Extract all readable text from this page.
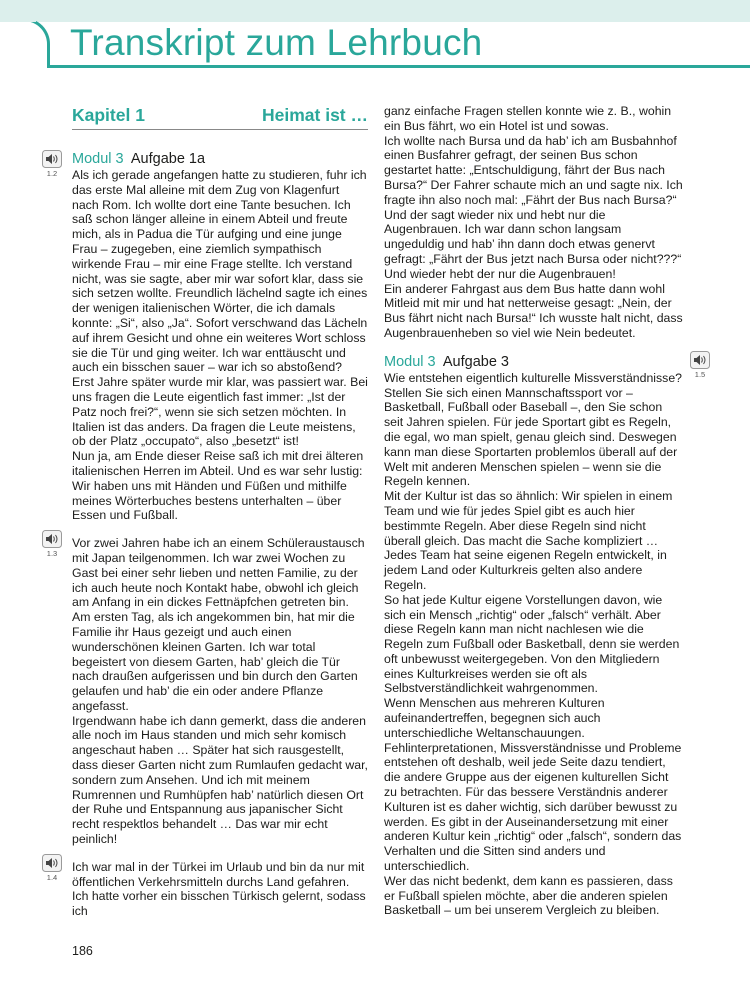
Transkript zum Lehrbuch
Kapitel 1	Heimat ist …
1.2

Modul 3 Aufgabe 1a

Als ich gerade angefangen hatte zu studieren, fuhr ich das erste Mal alleine mit dem Zug von Klagenfurt nach Rom. Ich wollte dort eine Tante besuchen. Ich saß schon länger alleine in einem Abteil und freute mich, als in Padua die Tür aufging und eine junge Frau – zugegeben, eine ziemlich sympathisch wirkende Frau – mir eine Frage stellte. Ich verstand nicht, was sie sagte, aber mir war sofort klar, dass sie sich setzen wollte. Freundlich lächelnd sagte ich eines der wenigen italienischen Wörter, die ich damals konnte: „Si“, also „Ja“. Sofort verschwand das Lächeln auf ihrem Gesicht und ohne ein weiteres Wort schloss sie die Tür und ging weiter. Ich war enttäuscht und auch ein bisschen sauer – war ich so abstoßend?

Erst Jahre später wurde mir klar, was passiert war. Bei uns fragen die Leute eigentlich fast immer: „Ist der Patz noch frei?“, wenn sie sich setzen möchten. In Italien ist das anders. Da fragen die Leute meistens, ob der Platz „occupato“, also „besetzt“ ist!

Nun ja, am Ende dieser Reise saß ich mit drei älteren italienischen Herren im Abteil. Und es war sehr lustig: Wir haben uns mit Händen und Füßen und mithilfe meines Wörterbuches bestens unterhalten – über Essen und Fußball.

1.3

Vor zwei Jahren habe ich an einem Schüleraustausch mit Japan teilgenommen. Ich war zwei Wochen zu Gast bei einer sehr lieben und netten Familie, zu der ich auch heute noch Kontakt habe, obwohl ich gleich am Anfang in ein dickes Fettnäpfchen getreten bin.

Am ersten Tag, als ich angekommen bin, hat mir die Familie ihr Haus gezeigt und auch einen wunderschönen kleinen Garten. Ich war total begeistert von diesem Garten, hab’ gleich die Tür nach draußen aufgerissen und bin durch den Garten gelaufen und hab’ die ein oder andere Pflanze angefasst.

Irgendwann habe ich dann gemerkt, dass die anderen alle noch im Haus standen und mich sehr komisch angeschaut haben … Später hat sich rausgestellt, dass dieser Garten nicht zum Rumlaufen gedacht war, sondern zum Ansehen. Und ich mit meinem Rumrennen und Rumhüpfen hab’ natürlich diesen Ort der Ruhe und Entspannung aus japanischer Sicht recht respektlos behandelt … Das war mir echt peinlich!

1.4

Ich war mal in der Türkei im Urlaub und bin da nur mit öffentlichen Verkehrsmitteln durchs Land gefahren. Ich hatte vorher ein bisschen Türkisch gelernt, sodass ich

ganz einfache Fragen stellen konnte wie z. B., wohin ein Bus fährt, wo ein Hotel ist und sowas.

Ich wollte nach Bursa und da hab’ ich am Busbahnhof einen Busfahrer gefragt, der seinen Bus schon gestartet hatte: „Entschuldigung, fährt der Bus nach Bursa?“ Der Fahrer schaute mich an und sagte nix. Ich fragte ihn also noch mal: „Fährt der Bus nach Bursa?“ Und der sagt wieder nix und hebt nur die Augenbrauen. Ich war dann schon langsam ungeduldig und hab’ ihn dann doch etwas genervt gefragt: „Fährt der Bus jetzt nach Bursa oder nicht???“ Und wieder hebt der nur die Augenbrauen!

Ein anderer Fahrgast aus dem Bus hatte dann wohl Mitleid mit mir und hat netterweise gesagt: „Nein, der Bus fährt nicht nach Bursa!“ Ich wusste halt nicht, dass Augenbrauenheben so viel wie Nein bedeutet.

1.5

Modul 3 Aufgabe 3

Wie entstehen eigentlich kulturelle Missverständnisse? Stellen Sie sich einen Mannschaftssport vor – Basketball, Fußball oder Baseball –, den Sie schon seit Jahren spielen. Für jede Sportart gibt es Regeln, die egal, wo man spielt, genau gleich sind. Deswegen kann man diese Sportarten problemlos überall auf der Welt mit anderen Menschen spielen – wenn sie die Regeln kennen.

Mit der Kultur ist das so ähnlich: Wir spielen in einem Team und wie für jedes Spiel gibt es auch hier bestimmte Regeln. Aber diese Regeln sind nicht überall gleich. Das macht die Sache kompliziert … Jedes Team hat seine eigenen Regeln entwickelt, in jedem Land oder Kulturkreis gelten also andere Regeln.

So hat jede Kultur eigene Vorstellungen davon, wie sich ein Mensch „richtig“ oder „falsch“ verhält. Aber diese Regeln kann man nicht nachlesen wie die Regeln zum Fußball oder Basketball, denn sie werden oft unbewusst weitergegeben. Von den Mitgliedern eines Kulturkreises werden sie oft als Selbstverständlichkeit wahrgenommen.

Wenn Menschen aus mehreren Kulturen aufeinandertreffen, begegnen sich auch unterschiedliche Weltanschauungen. Fehlinterpretationen, Missverständnisse und Probleme entstehen oft deshalb, weil jede Seite dazu tendiert, die andere Gruppe aus der eigenen kulturellen Sicht zu betrachten. Für das bessere Verständnis anderer Kulturen ist es daher wichtig, sich darüber bewusst zu werden. Es gibt in der Auseinandersetzung mit einer anderen Kultur kein „richtig“ oder „falsch“, sondern das Verhalten und die Sitten sind anders und unterschiedlich.

Wer das nicht bedenkt, dem kann es passieren, dass er Fußball spielen möchte, aber die anderen spielen Basketball – um bei unserem Vergleich zu bleiben.

186
